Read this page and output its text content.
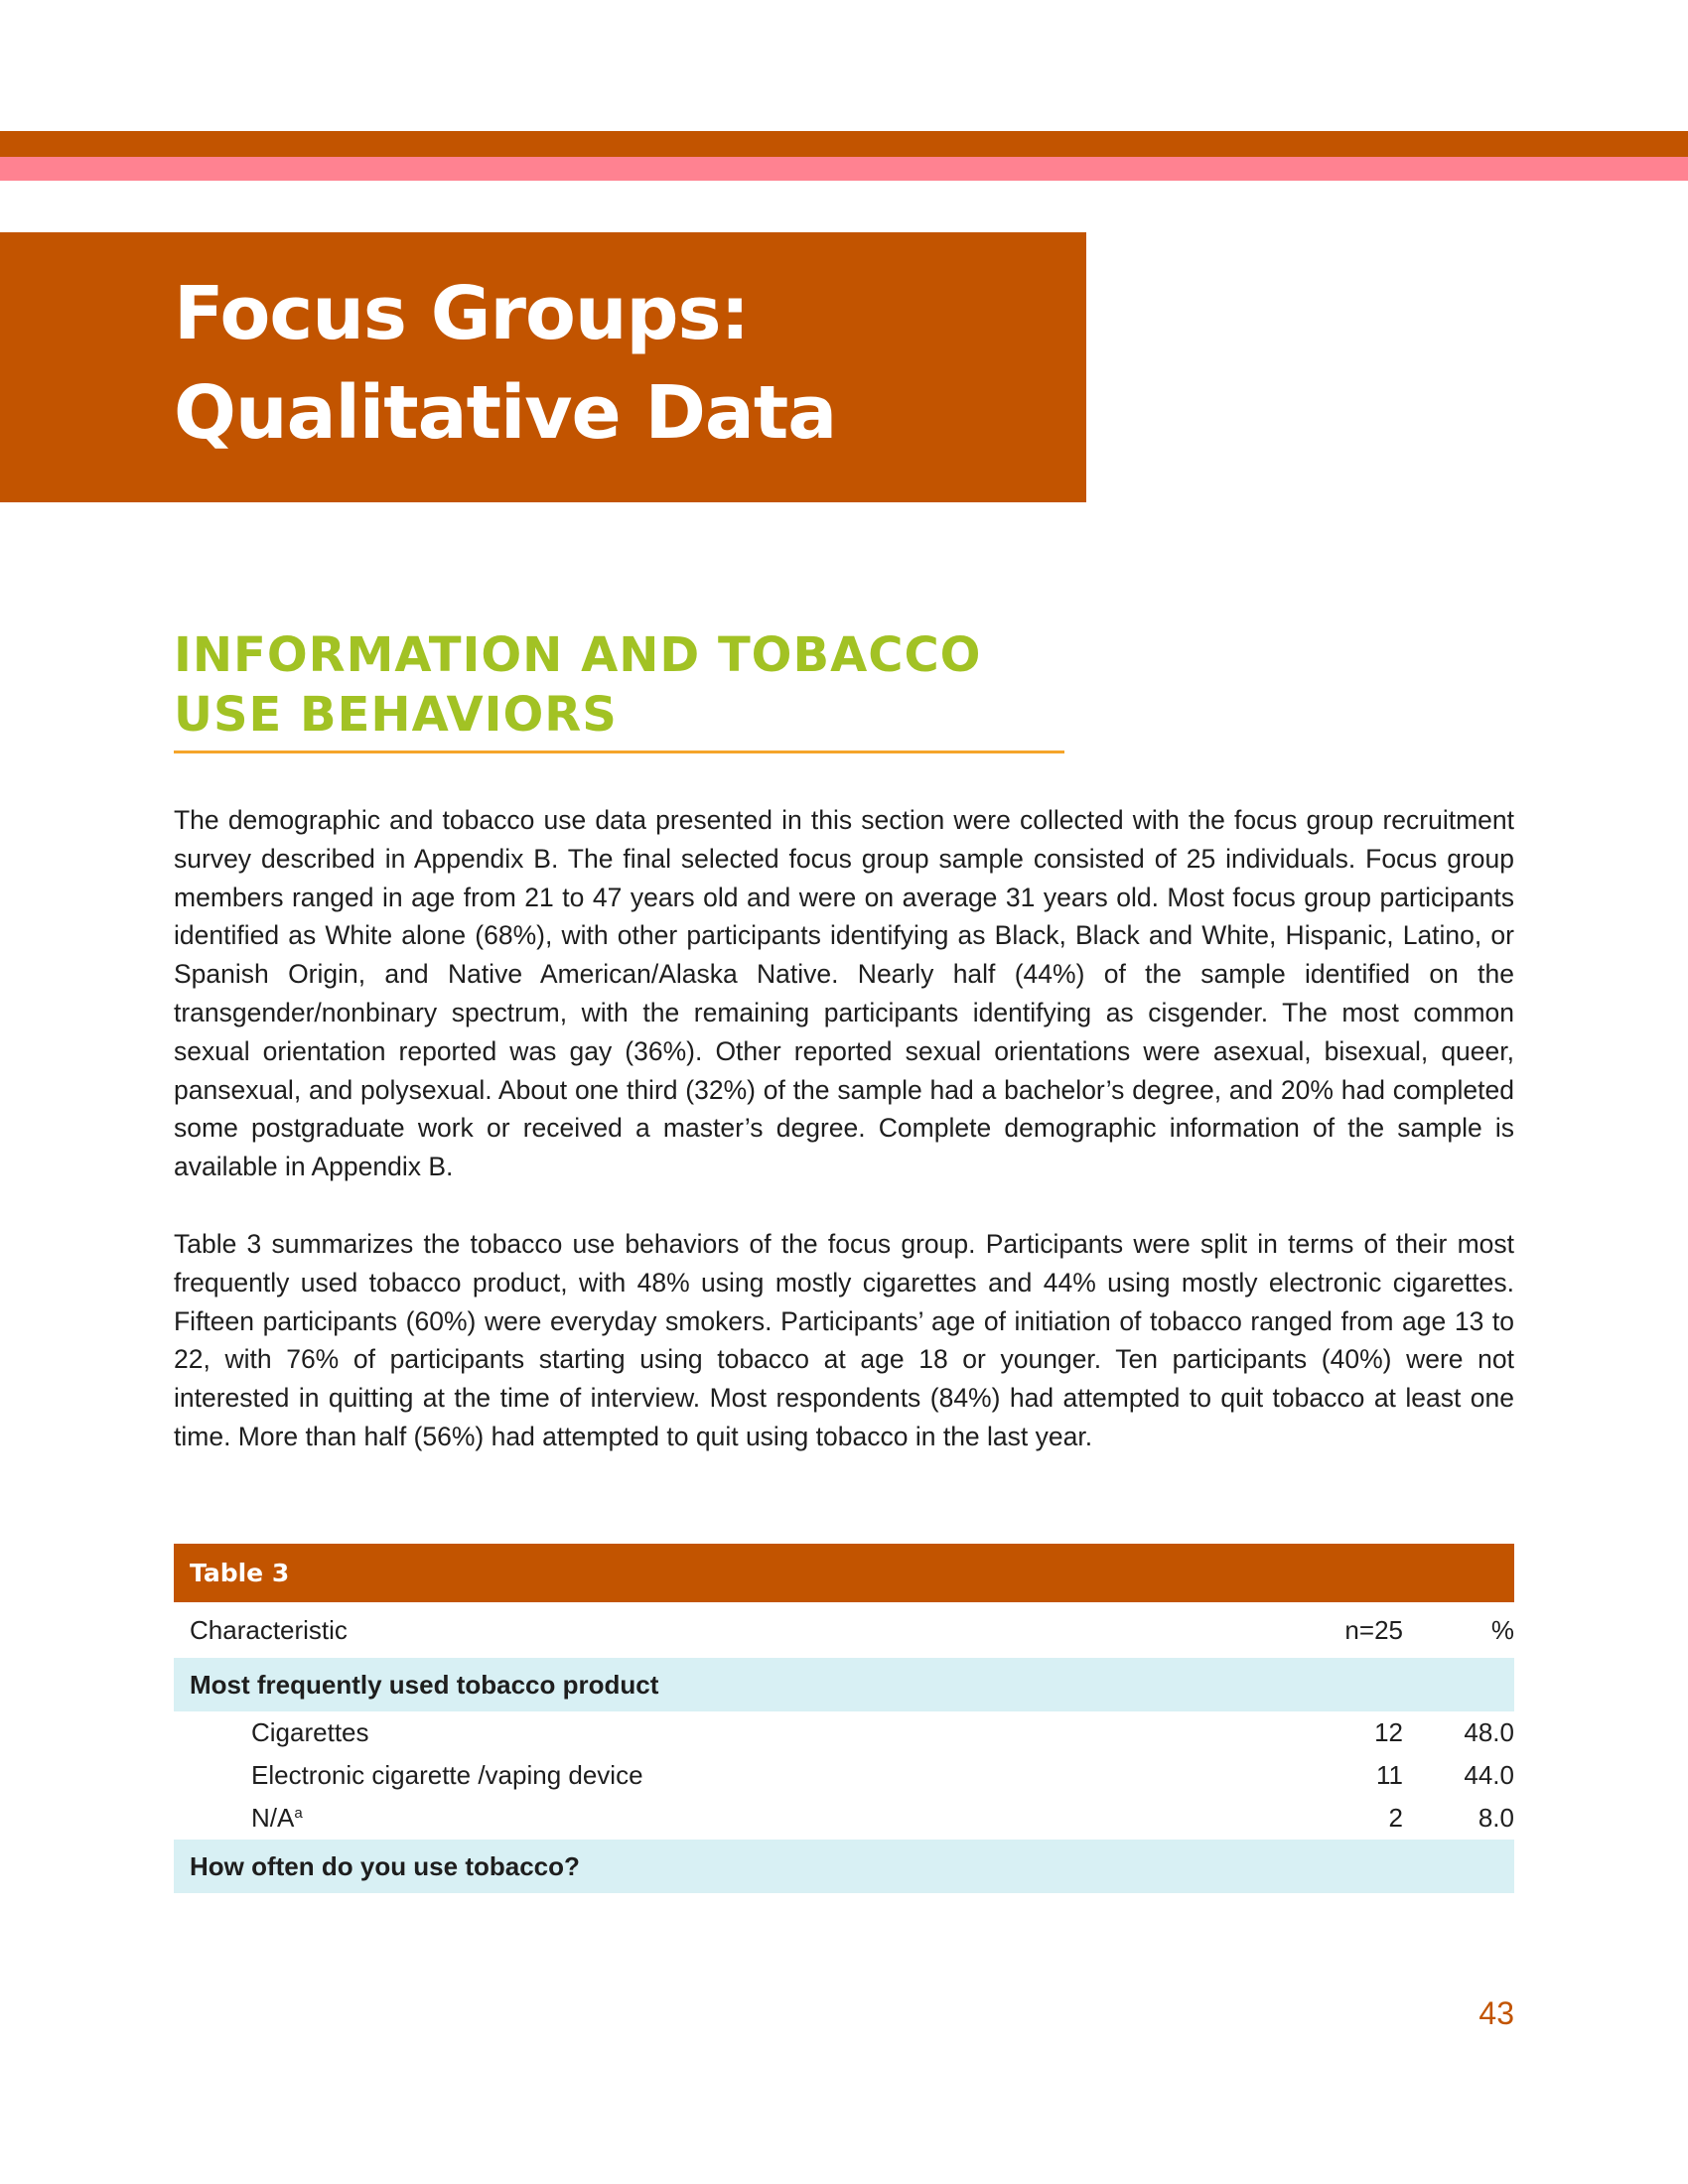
Focus Groups:
Qualitative Data
INFORMATION AND TOBACCO
USE BEHAVIORS

The demographic and tobacco use data presented in this section were collected with the focus group recruitment survey described in Appendix B. The final selected focus group sample consisted of 25 individuals. Focus group members ranged in age from 21 to 47 years old and were on average 31 years old. Most focus group participants identified as White alone (68%), with other participants identifying as Black, Black and White, Hispanic, Latino, or Spanish Origin, and Native American/Alaska Native. Nearly half (44%) of the sample identified on the transgender/nonbinary spectrum, with the remaining participants identifying as cisgender. The most common sexual orientation reported was gay (36%). Other reported sexual orientations were asexual, bisexual, queer, pansexual, and polysexual. About one third (32%) of the sample had a bachelor’s degree, and 20% had completed some postgraduate work or received a master’s degree. Complete demographic information of the sample is available in Appendix B.

Table 3 summarizes the tobacco use behaviors of the focus group. Participants were split in terms of their most frequently used tobacco product, with 48% using mostly cigarettes and 44% using mostly electronic cigarettes. Fifteen participants (60%) were everyday smokers. Participants’ age of initiation of tobacco ranged from age 13 to 22, with 76% of participants starting using tobacco at age 18 or younger. Ten participants (40%) were not interested in quitting at the time of interview. Most respondents (84%) had attempted to quit tobacco at least one time. More than half (56%) had attempted to quit using tobacco in the last year.

Table 3		
Characteristic	n=25	%
Most frequently used tobacco product		
Cigarettes	12	48.0
Electronic cigarette /vaping device	11	44.0
N/A$^a$	2	8.0
How often do you use tobacco?		
43
